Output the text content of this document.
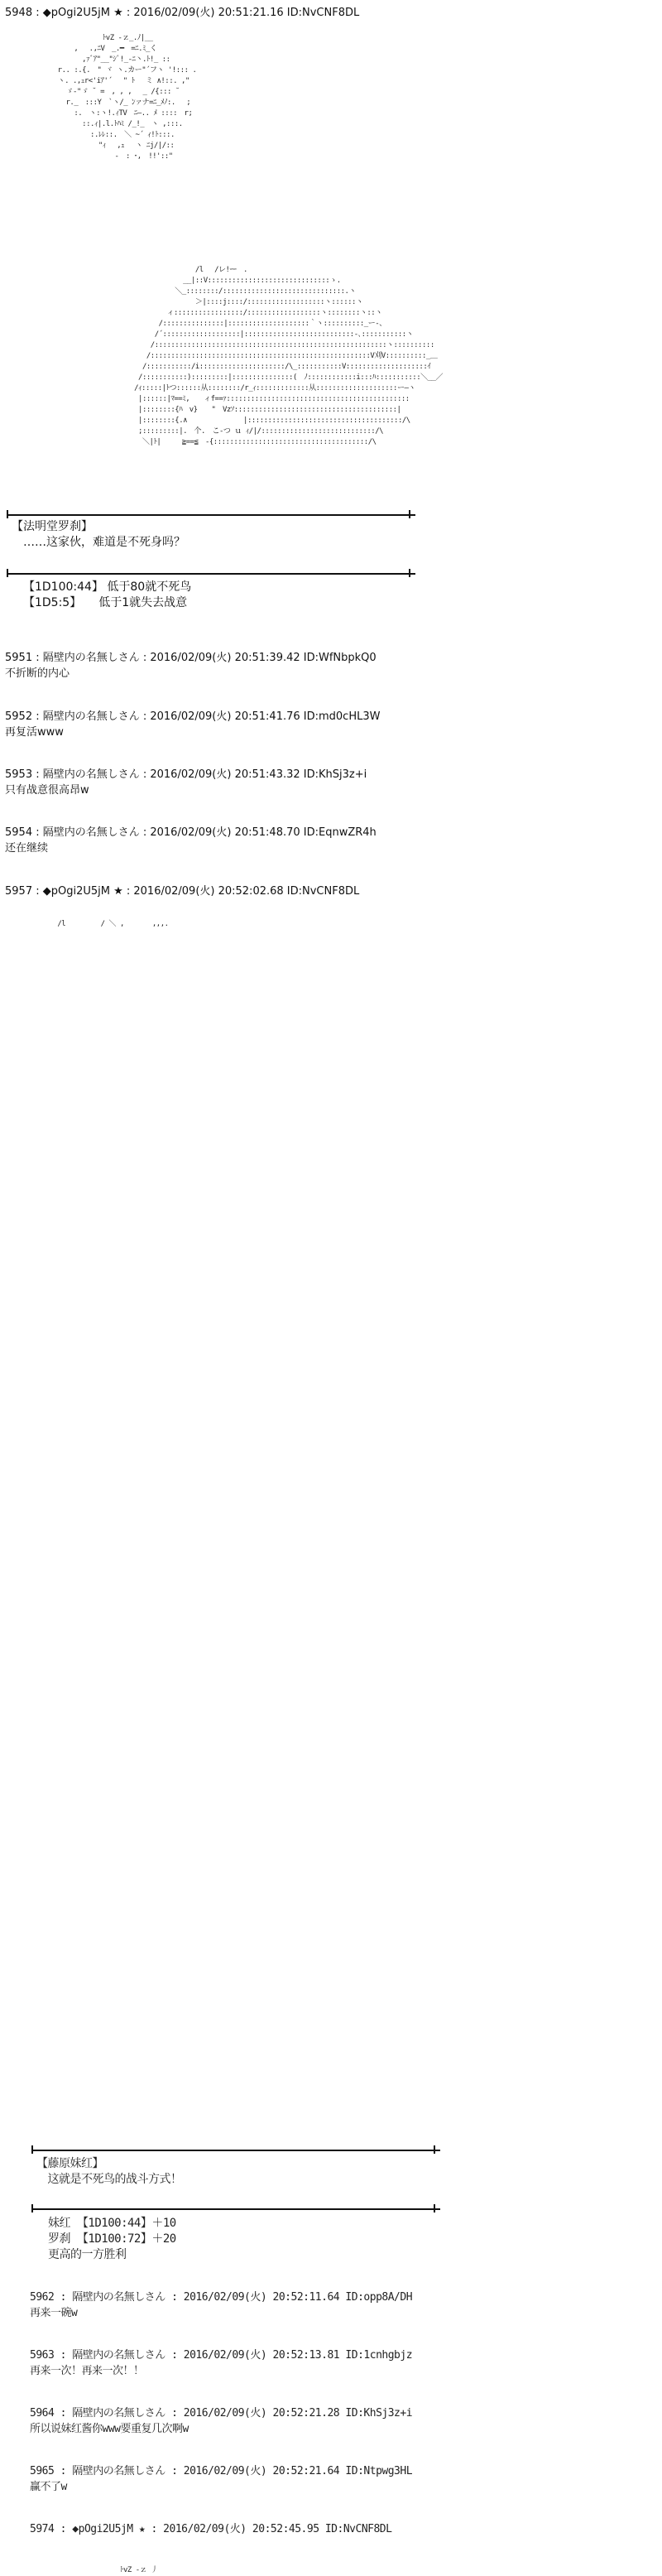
5948 : ◆pOgi2U5jM ★ : 2016/02/09(火) 20:51:21.16 ID:NvCNF8DL
ﾄvZ ‐ｚ_.ﾉ|__
,　 .,ﾆV　_.━　=ﾆ.ﾐ_く
,ｧﾞｱ"__"ｼﾞ!_-ﾆ丶.ﾄ!_ ::
r.. :.{.　" ヾ ヽ.カー"´フヽ '!::: .
ヽ. .,ｪr<'iｱ'´ 　" ﾄ　 ミ ∧!::. ,"
ゞ-"ゞ ˘ =　, , ,　 _ /{::: ˘
r._　:::Y　`ヽ/_ ﾝァナ=ﾆ_ﾒﾉ:.　 ;
:.　ヽ:ヽ!.ｨTV　ﾆ―.. ﾒ ::::　r;
::.ｨ|.l.ﾄﾊﾐ /_!_　ヽ ,:::.
:.ﾚﾚ::.　＼ ~´ ｨ!ﾄ:::.
"ｨ　 ,ｭ　 ヽ ﾆj/|/::
-　: ･,　!!'::"

/l 　/レ!ｰｰ　.
__|::V::::::::::::::::::::::::::::::ゝ.
＼_::::::::/::::::::::::::::::::::::::::::.ヽ
＞|::::j::::/:::::::::::::::::::ヽ::::::ヽ
ィ:::::::::::::::::/::::::::::::::::::ヽ::::::::ヽ::ヽ
/:::::::::::::::|::::::::::::::::::::｀ヽ::::::::::_ー-、
/´:::::::::::::::::::|:::::::::::::::::::::::::::-､:::::::::::ヽ
/:::::::::::::::::::::::::::::::::::::::::::::::::::::::::ヽ::::::::::
/::::::::::::::::::::::::::::::::::::::::::::::::::::::V刈V::::::::::_＿
/:::::::::::/i:::::::::::::::::::::/\_:::::::::::V::::::::::::::::::::ｲ
/:::::::::::):::::::::|:::::::::::::::(　ﾉ::::::::::::i:::ﾊ:::::::::::＼__／
/ｨ:::::|ﾄつ::::::从::::::::/r_ｨ:::::::::::::从::::::::::::::::::::ー―ヽ
|::::::|ﾏ==ﾐ,　　ィf==ｧ:::::::::::::::::::::::::::::::::::::::::::::
|::::::::{ﾊ　v}　　"　Vzｿ::::::::::::::::::::::::::::::::::::::::|
|::::::::{.∧　　　　　　　　|::::::::::::::::::::::::::::::::::::::/\
;:::::::::|.　个.　こ-つ ｕ ｨ/|/::::::::::::::::::::::::::::/\
＼|ﾄ|　　　≧==≦　-{::::::::::::::::::::::::::::::::::::::/\

【法明堂罗刹】
　……这家伙，难道是不死身吗？
【1D100:44】 低于80就不死鸟
【1D5:5】　　低于1就失去战意
5951 : 隔壁内の名無しさん : 2016/02/09(火) 20:51:39.42 ID:WfNbpkQ0
不折断的内心
5952 : 隔壁内の名無しさん : 2016/02/09(火) 20:51:41.76 ID:md0cHL3W
再复活www
5953 : 隔壁内の名無しさん : 2016/02/09(火) 20:51:43.32 ID:KhSj3z+i
只有战意很高昂w
5954 : 隔壁内の名無しさん : 2016/02/09(火) 20:51:48.70 ID:EqnwZR4h
还在继续
5957 : ◆pOgi2U5jM ★ : 2016/02/09(火) 20:52:02.68 ID:NvCNF8DL
/l　　　　　/ ＼ ,　　　　,,,.

【藤原妹红】

　这就是不死鸟的战斗方式！

妹红 【1D100:44】＋10

罗刹 【1D100:72】＋20

更高的一方胜利

5962 : 隔壁内の名無しさん : 2016/02/09(火) 20:52:11.64 ID:opp8A/DH

再来一碗w

5963 : 隔壁内の名無しさん : 2016/02/09(火) 20:52:13.81 ID:1cnhgbjz

再来一次！再来一次！！

5964 : 隔壁内の名無しさん : 2016/02/09(火) 20:52:21.28 ID:KhSj3z+i

所以说妹红酱你www要重复几次啊w

5965 : 隔壁内の名無しさん : 2016/02/09(火) 20:52:21.64 ID:Ntpwg3HL

赢不了w

5974 : ◆pOgi2U5jM ★ : 2016/02/09(火) 20:52:45.95 ID:NvCNF8DL

ﾄvZ ‐ｚ 丿
